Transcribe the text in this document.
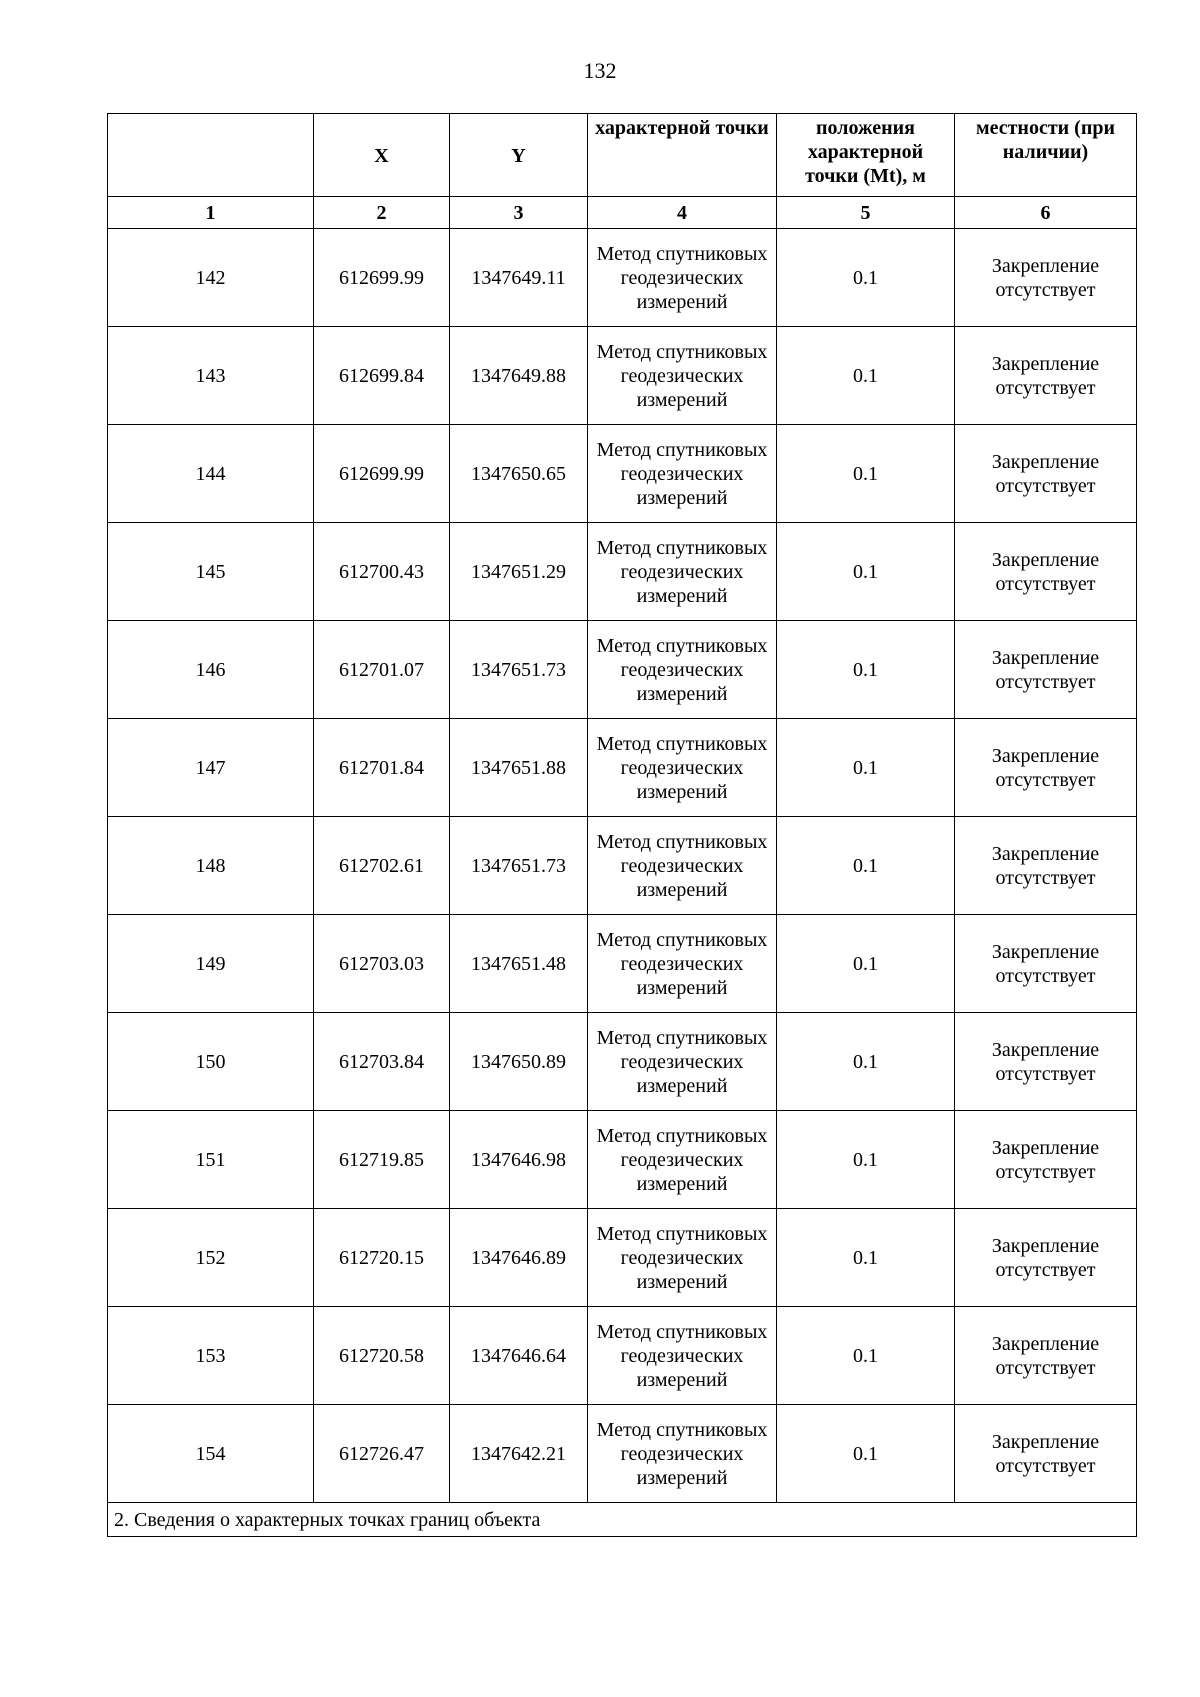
132
	X	Y	характерной точки	положения характерной точки (Mt), м	местности (при наличии)
1	2	3	4	5	6
142	612699.99	1347649.11	Метод спутниковых геодезических измерений	0.1	Закрепление отсутствует
143	612699.84	1347649.88	Метод спутниковых геодезических измерений	0.1	Закрепление отсутствует
144	612699.99	1347650.65	Метод спутниковых геодезических измерений	0.1	Закрепление отсутствует
145	612700.43	1347651.29	Метод спутниковых геодезических измерений	0.1	Закрепление отсутствует
146	612701.07	1347651.73	Метод спутниковых геодезических измерений	0.1	Закрепление отсутствует
147	612701.84	1347651.88	Метод спутниковых геодезических измерений	0.1	Закрепление отсутствует
148	612702.61	1347651.73	Метод спутниковых геодезических измерений	0.1	Закрепление отсутствует
149	612703.03	1347651.48	Метод спутниковых геодезических измерений	0.1	Закрепление отсутствует
150	612703.84	1347650.89	Метод спутниковых геодезических измерений	0.1	Закрепление отсутствует
151	612719.85	1347646.98	Метод спутниковых геодезических измерений	0.1	Закрепление отсутствует
152	612720.15	1347646.89	Метод спутниковых геодезических измерений	0.1	Закрепление отсутствует
153	612720.58	1347646.64	Метод спутниковых геодезических измерений	0.1	Закрепление отсутствует
154	612726.47	1347642.21	Метод спутниковых геодезических измерений	0.1	Закрепление отсутствует
2. Сведения о характерных точках границ объекта					
